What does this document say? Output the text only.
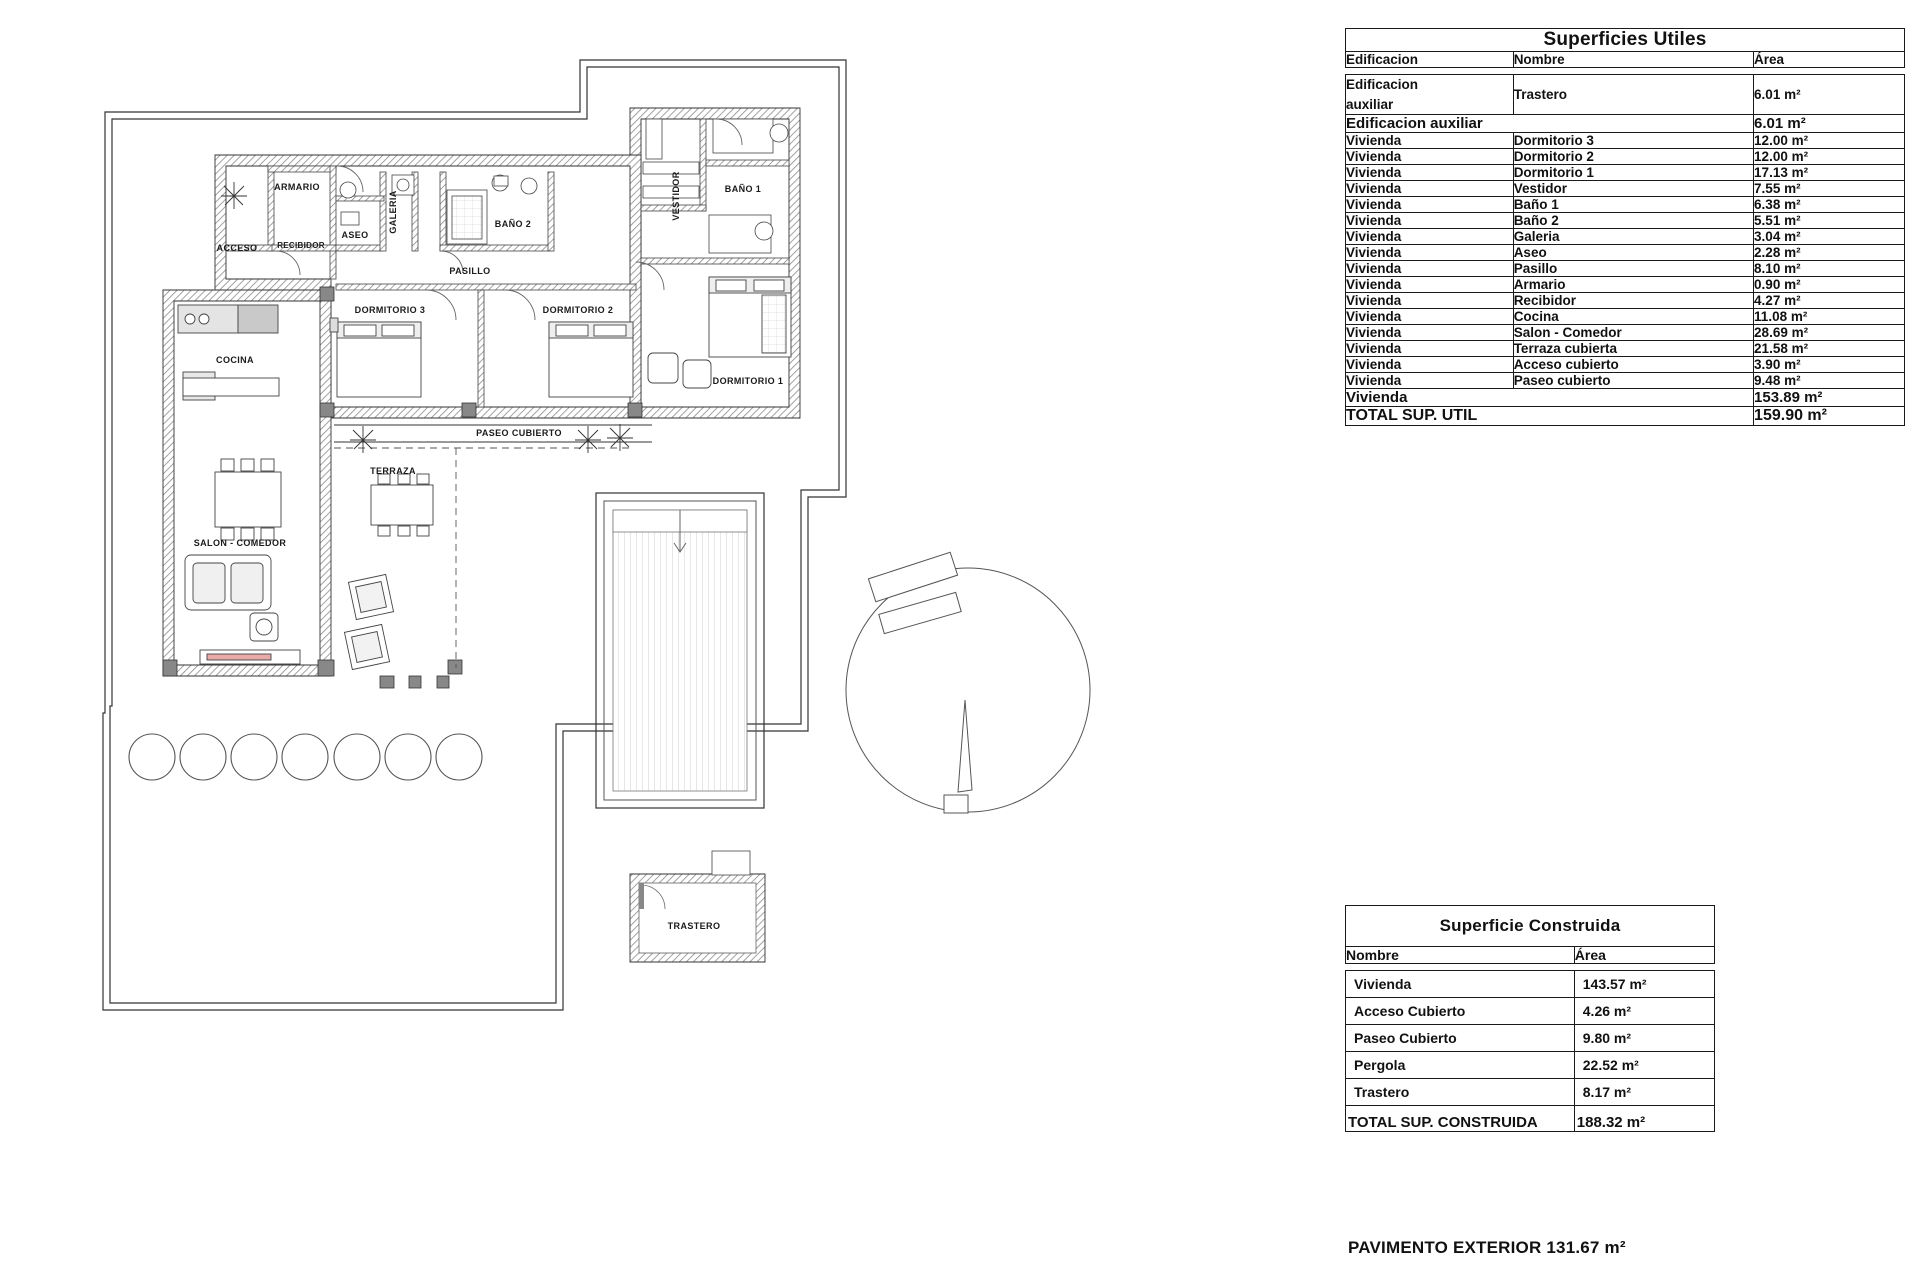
ACCESO RECIBIDOR
ARMARIO
ASEO
GALERIA	BAÑO 2
PASILLO
DORMITORIO 3	DORMITORIO 2
VESTIDOR	BAÑO 1
DORMITORIO 1
COCINA
SALON - COMEDOR
TERRAZA
PASEO CUBIERTO
TRASTERO
Superficies Utiles		
Edificacion	Nombre	Área

Edificacion
auxiliar	Trastero	6.01 m²
Edificacion auxiliar		6.01 m²
Vivienda	Dormitorio 3	12.00 m²
Vivienda	Dormitorio 2	12.00 m²
Vivienda	Dormitorio 1	17.13 m²
Vivienda	Vestidor	7.55 m²
Vivienda	Baño 1	6.38 m²
Vivienda	Baño 2	5.51 m²
Vivienda	Galeria	3.04 m²
Vivienda	Aseo	2.28 m²
Vivienda	Pasillo	8.10 m²
Vivienda	Armario	0.90 m²
Vivienda	Recibidor	4.27 m²
Vivienda	Cocina	11.08 m²
Vivienda	Salon - Comedor	28.69 m²
Vivienda	Terraza cubierta	21.58 m²
Vivienda	Acceso cubierto	3.90 m²
Vivienda	Paseo cubierto	9.48 m²
Vivienda		153.89 m²
TOTAL SUP. UTIL		159.90 m²
Superficie Construida	
Nombre	Área

Vivienda	143.57 m²
Acceso Cubierto	4.26 m²
Paseo Cubierto	9.80 m²
Pergola	22.52 m²
Trastero	8.17 m²
TOTAL SUP. CONSTRUIDA	188.32 m²
PAVIMENTO EXTERIOR 131.67 m²
